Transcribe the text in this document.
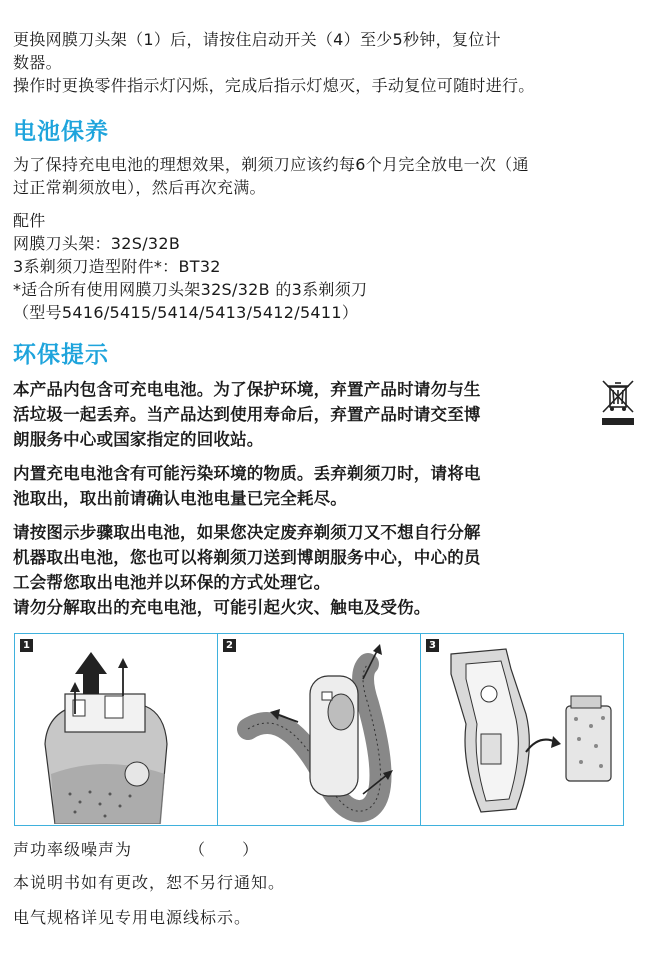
更换网膜刀头架（1）后，请按住启动开关（4）至少5秒钟，复位计

数器。

操作时更换零件指示灯闪烁，完成后指示灯熄灭，手动复位可随时进行。

电池保养

为了保持充电电池的理想效果，剃须刀应该约每6个月完全放电一次（通

过正常剃须放电），然后再次充满。

配件

网膜刀头架：32S/32B

3系剃须刀造型附件*：BT32

*适合所有使用网膜刀头架32S/32B 的3系剃须刀

（型号5416/5415/5414/5413/5412/5411）

环保提示

本产品内包含可充电电池。为了保护环境，弃置产品时请勿与生

活垃圾一起丢弃。当产品达到使用寿命后，弃置产品时请交至博

朗服务中心或国家指定的回收站。

内置充电电池含有可能污染环境的物质。丢弃剃须刀时，请将电

池取出，取出前请确认电池电量已完全耗尽。

请按图示步骤取出电池，如果您决定废弃剃须刀又不想自行分解

机器取出电池，您也可以将剃须刀送到博朗服务中心，中心的员

工会帮您取出电池并以环保的方式处理它。

请勿分解取出的充电电池，可能引起火灾、触电及受伤。

1	2	3
声功率级噪声为	（ ）

本说明书如有更改，恕不另行通知。

电气规格详见专用电源线标示。
